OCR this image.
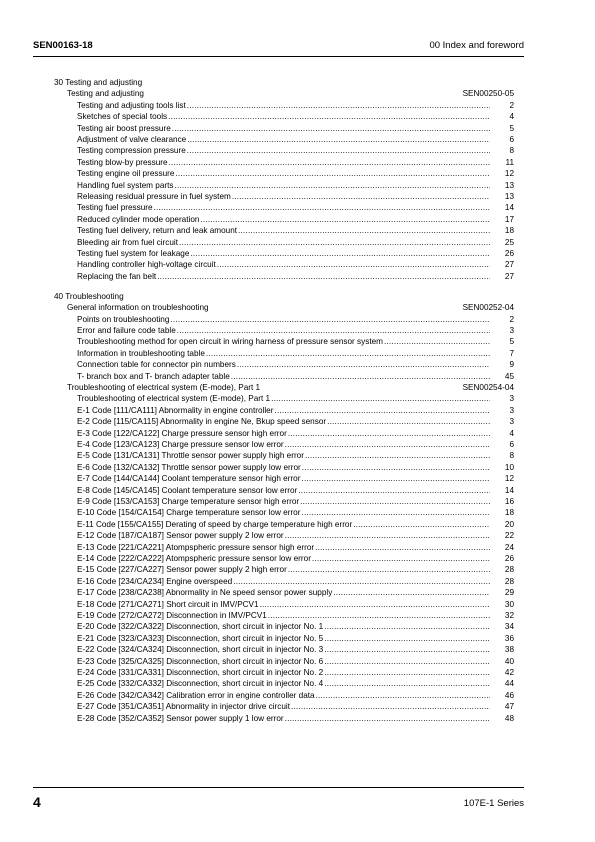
SEN00163-18	00 Index and foreword
30 Testing and adjusting
Testing and adjusting	SEN00250-05
Testing and adjusting tools list .....	2
Sketches of special tools .....	4
Testing air boost pressure .....	5
Adjustment of valve clearance .....	6
Testing compression pressure .....	8
Testing blow-by pressure .....	11
Testing engine oil pressure .....	12
Handling fuel system parts .....	13
Releasing residual pressure in fuel system .....	13
Testing fuel pressure .....	14
Reduced cylinder mode operation .....	17
Testing fuel delivery, return and leak amount .....	18
Bleeding air from fuel circuit .....	25
Testing fuel system for leakage .....	26
Handling controller high-voltage circuit .....	27
Replacing the fan belt .....	27
40 Troubleshooting
General information on troubleshooting	SEN00252-04
Points on troubleshooting .....	2
Error and failure code table .....	3
Troubleshooting method for open circuit in wiring harness of pressure sensor system .....	5
Information in troubleshooting table .....	7
Connection table for connector pin numbers .....	9
T- branch box and T- branch adapter table .....	45
Troubleshooting of electrical system (E-mode), Part 1	SEN00254-04
Troubleshooting of electrical system (E-mode), Part 1 .....	3
E-1 Code [111/CA111] Abnormality in engine controller .....	3
E-2 Code [115/CA115] Abnormality in engine Ne, Bkup speed sensor .....	3
E-3 Code [122/CA122] Charge pressure sensor high error .....	4
E-4 Code [123/CA123] Charge pressure sensor low error .....	6
E-5 Code [131/CA131] Throttle sensor power supply high error .....	8
E-6 Code [132/CA132] Throttle sensor power supply low error .....	10
E-7 Code [144/CA144] Coolant temperature sensor high error .....	12
E-8 Code [145/CA145] Coolant temperature sensor low error .....	14
E-9 Code [153/CA153] Charge temperature sensor high error .....	16
E-10 Code [154/CA154] Charge temperature sensor low error .....	18
E-11 Code [155/CA155] Derating of speed by charge temperature high error .....	20
E-12 Code [187/CA187] Sensor power supply 2 low error .....	22
E-13 Code [221/CA221] Atompspheric pressure sensor high error .....	24
E-14 Code [222/CA222] Atompspheric pressure sensor low error .....	26
E-15 Code [227/CA227] Sensor power supply 2 high error .....	28
E-16 Code [234/CA234] Engine overspeed .....	28
E-17 Code [238/CA238] Abnormality in Ne speed sensor power supply .....	29
E-18 Code [271/CA271] Short circuit in IMV/PCV1 .....	30
E-19 Code [272/CA272] Disconnection in IMV/PCV1 .....	32
E-20 Code [322/CA322] Disconnection, short circuit in injector No. 1 .....	34
E-21 Code [323/CA323] Disconnection, short circuit in injector No. 5 .....	36
E-22 Code [324/CA324] Disconnection, short circuit in injector No. 3 .....	38
E-23 Code [325/CA325] Disconnection, short circuit in injector No. 6 .....	40
E-24 Code [331/CA331] Disconnection, short circuit in injector No. 2 .....	42
E-25 Code [332/CA332] Disconnection, short circuit in injector No. 4 .....	44
E-26 Code [342/CA342] Calibration error in engine controller data .....	46
E-27 Code [351/CA351] Abnormality in injector drive circuit .....	47
E-28 Code [352/CA352] Sensor power supply 1 low error .....	48
4	107E-1 Series
